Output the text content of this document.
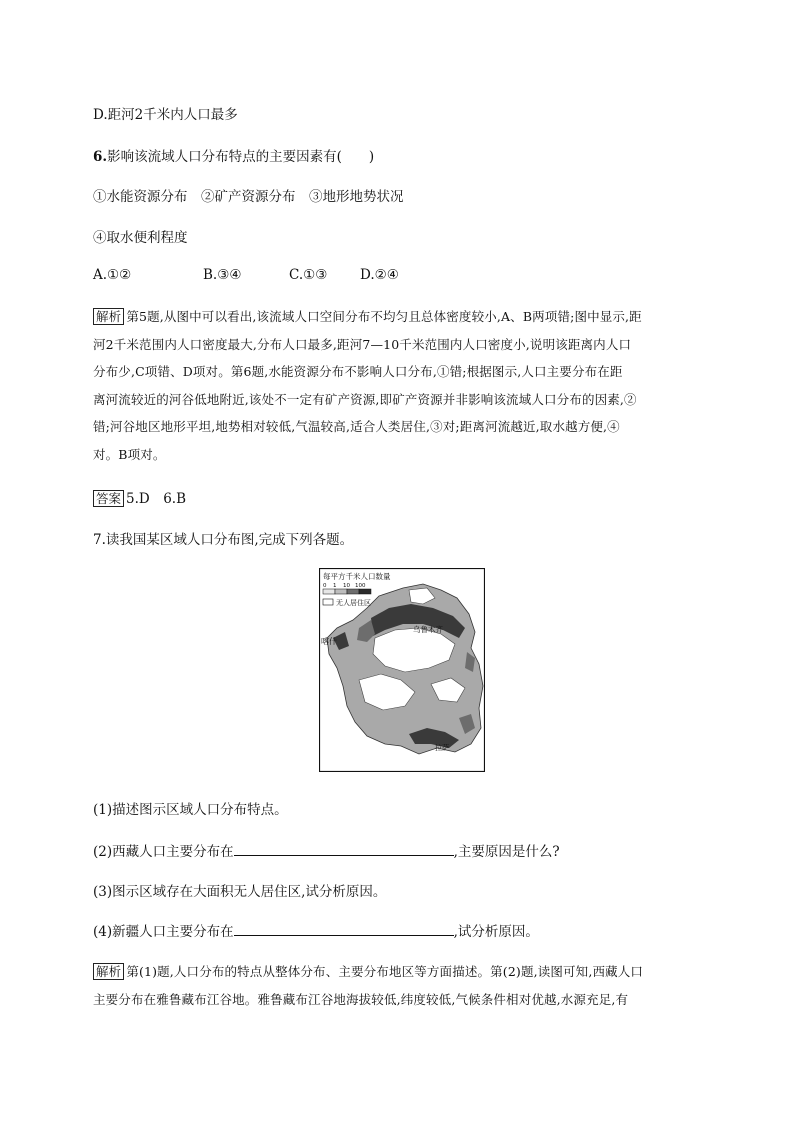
D.距河2千米内人口最多
6.影响该流域人口分布特点的主要因素有(　　)
①水能资源分布　②矿产资源分布　③地形地势状况
④取水便利程度
A.①②	B.③④	C.①③ D.②④
解析 第5题,从图中可以看出,该流域人口空间分布不均匀且总体密度较小,A、B两项错;图中显示,距
河2千米范围内人口密度最大,分布人口最多,距河7—10千米范围内人口密度小,说明该距离内人口
分布少,C项错、D项对。第6题,水能资源分布不影响人口分布,①错;根据图示,人口主要分布在距
离河流较近的河谷低地附近,该处不一定有矿产资源,即矿产资源并非影响该流域人口分布的因素,②
错;河谷地区地形平坦,地势相对较低,气温较高,适合人类居住,③对;距离河流越近,取水越方便,④
对。B项对。
答案 5.D　6.B
7.读我国某区域人口分布图,完成下列各题。
每平方千米人口数量
0 1 10 100
无人居住区
喀什
乌鲁木齐
拉萨
(1)描述图示区域人口分布特点。
(2)西藏人口主要分布在	,主要原因是什么?
(3)图示区域存在大面积无人居住区,试分析原因。
(4)新疆人口主要分布在	,试分析原因。
解析 第(1)题,人口分布的特点从整体分布、主要分布地区等方面描述。第(2)题,读图可知,西藏人口
主要分布在雅鲁藏布江谷地。雅鲁藏布江谷地海拔较低,纬度较低,气候条件相对优越,水源充足,有
